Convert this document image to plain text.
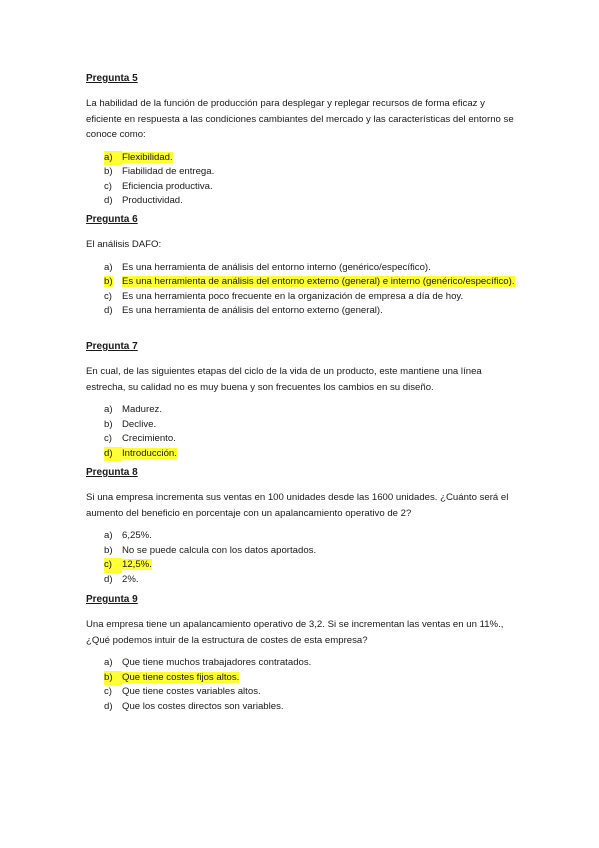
Pregunta 5
La habilidad de la función de producción para desplegar y replegar recursos de forma eficaz y eficiente en respuesta a las condiciones cambiantes del mercado y las características del entorno se conoce como:
a) Flexibilidad.
b) Fiabilidad de entrega.
c)	Eficiencia productiva.
d) Productividad.
Pregunta 6
El análisis DAFO:
a) Es una herramienta de análisis del entorno interno (genérico/específico).
b) Es una herramienta de análisis del entorno externo (general) e interno (genérico/específico).
c)	Es una herramienta poco frecuente en la organización de empresa a día de hoy.
d) Es una herramienta de análisis del entorno externo (general).
Pregunta 7
En cual, de las siguientes etapas del ciclo de la vida de un producto, este mantiene una línea estrecha, su calidad no es muy buena y son frecuentes los cambios en su diseño.
a) Madurez.
b) Declive.
c)	Crecimiento.
d) Introducción.
Pregunta 8
Si una empresa incrementa sus ventas en 100 unidades desde las 1600 unidades. ¿Cuánto será el aumento del beneficio en porcentaje con un apalancamiento operativo de 2?
a) 6,25%.
b) No se puede calcula con los datos aportados.
c)	12,5%.
d) 2%.
Pregunta 9
Una empresa tiene un apalancamiento operativo de 3,2. Si se incrementan las ventas en un 11%., ¿Qué podemos intuir de la estructura de costes de esta empresa?
a) Que tiene muchos trabajadores contratados.
b) Que tiene costes fijos altos.
c)	Que tiene costes variables altos.
d) Que los costes directos son variables.
